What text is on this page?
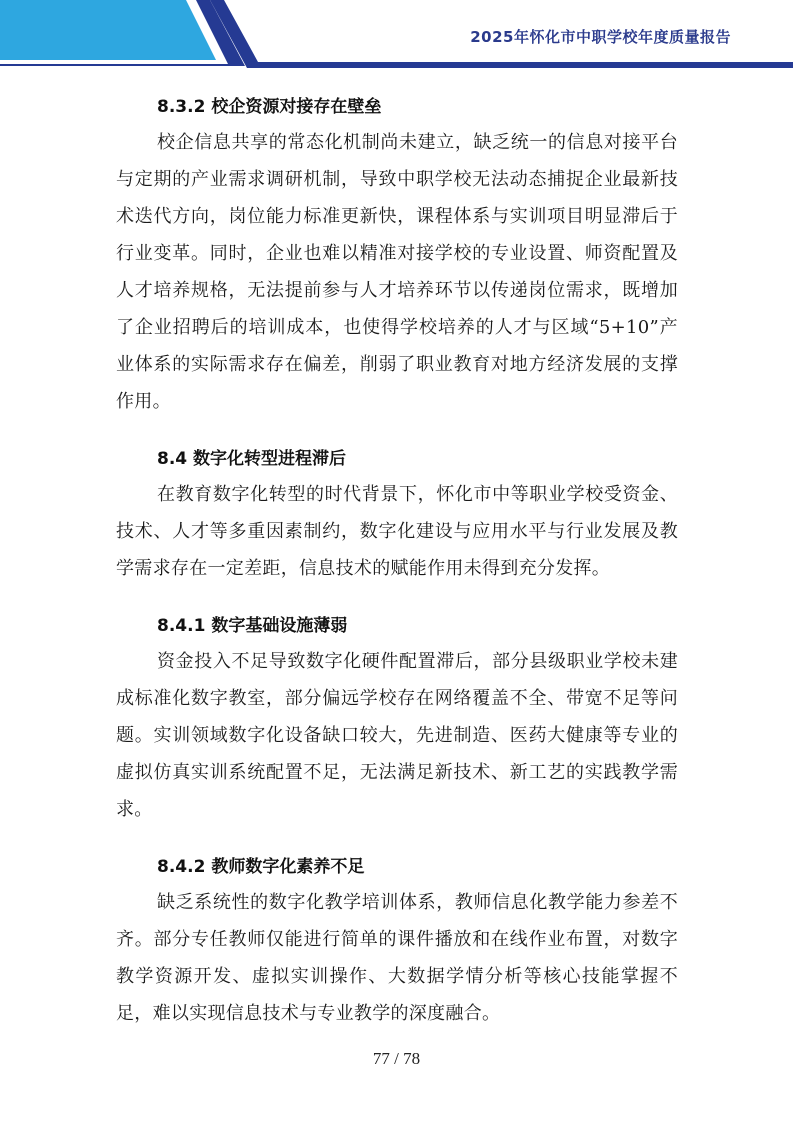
2025年怀化市中职学校年度质量报告
8.3.2 校企资源对接存在壁垒

校企信息共享的常态化机制尚未建立，缺乏统一的信息对接平台与定期的产业需求调研机制，导致中职学校无法动态捕捉企业最新技术迭代方向，岗位能力标准更新快，课程体系与实训项目明显滞后于行业变革。同时，企业也难以精准对接学校的专业设置、师资配置及人才培养规格，无法提前参与人才培养环节以传递岗位需求，既增加了企业招聘后的培训成本，也使得学校培养的人才与区域“5+10”产业体系的实际需求存在偏差，削弱了职业教育对地方经济发展的支撑作用。

8.4 数字化转型进程滞后

在教育数字化转型的时代背景下，怀化市中等职业学校受资金、技术、人才等多重因素制约，数字化建设与应用水平与行业发展及教学需求存在一定差距，信息技术的赋能作用未得到充分发挥。

8.4.1 数字基础设施薄弱

资金投入不足导致数字化硬件配置滞后，部分县级职业学校未建成标准化数字教室，部分偏远学校存在网络覆盖不全、带宽不足等问题。实训领域数字化设备缺口较大，先进制造、医药大健康等专业的虚拟仿真实训系统配置不足，无法满足新技术、新工艺的实践教学需求。

8.4.2 教师数字化素养不足

缺乏系统性的数字化教学培训体系，教师信息化教学能力参差不齐。部分专任教师仅能进行简单的课件播放和在线作业布置，对数字教学资源开发、虚拟实训操作、大数据学情分析等核心技能掌握不足，难以实现信息技术与专业教学的深度融合。

77 / 78
